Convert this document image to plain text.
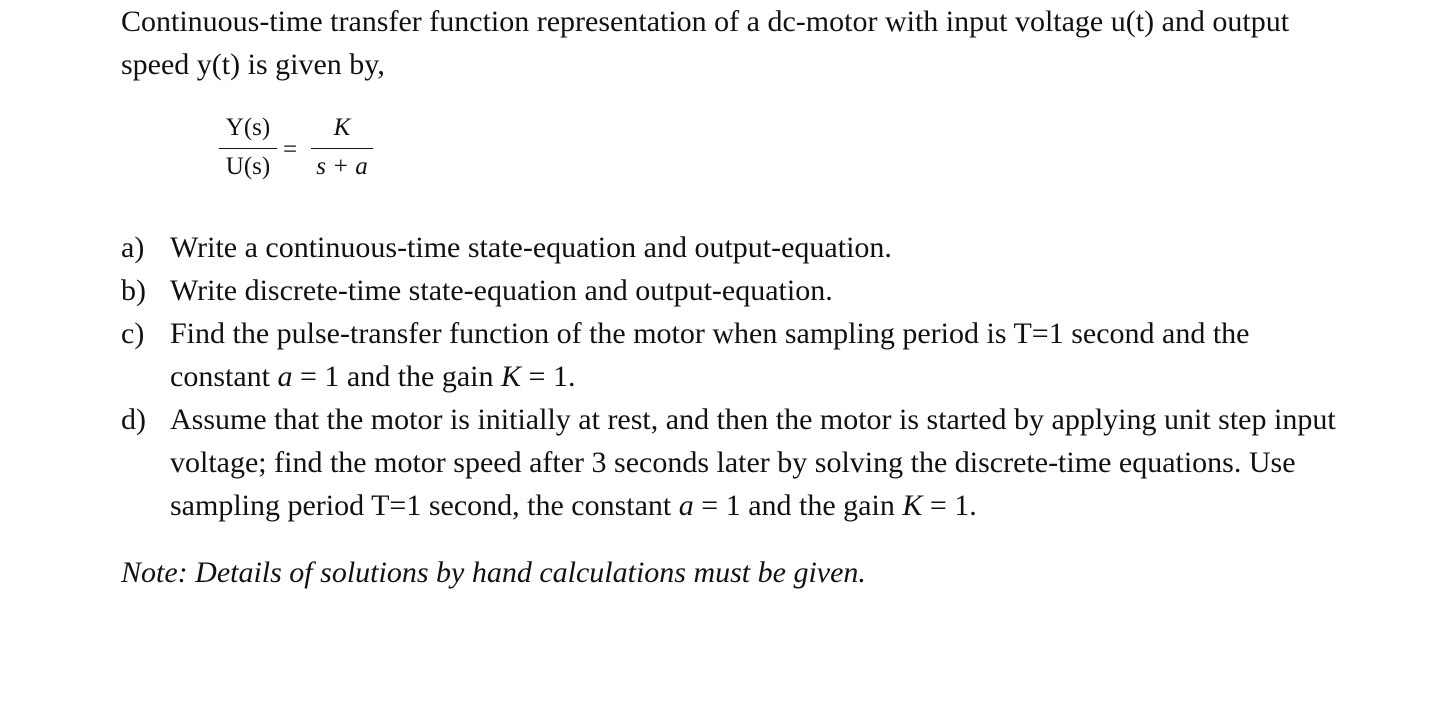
Continuous-time transfer function representation of a dc-motor with input voltage u(t) and output speed y(t) is given by,

Y(s)
U(s)
=
K
s + a
a) Write a continuous-time state-equation and output-equation.
b) Write discrete-time state-equation and output-equation.
c) Find the pulse-transfer function of the motor when sampling period is T=1 second and the constant a = 1 and the gain K = 1.
d) Assume that the motor is initially at rest, and then the motor is started by applying unit step input voltage; find the motor speed after 3 seconds later by solving the discrete-time equations. Use sampling period T=1 second, the constant a = 1 and the gain K = 1.

Note: Details of solutions by hand calculations must be given.
